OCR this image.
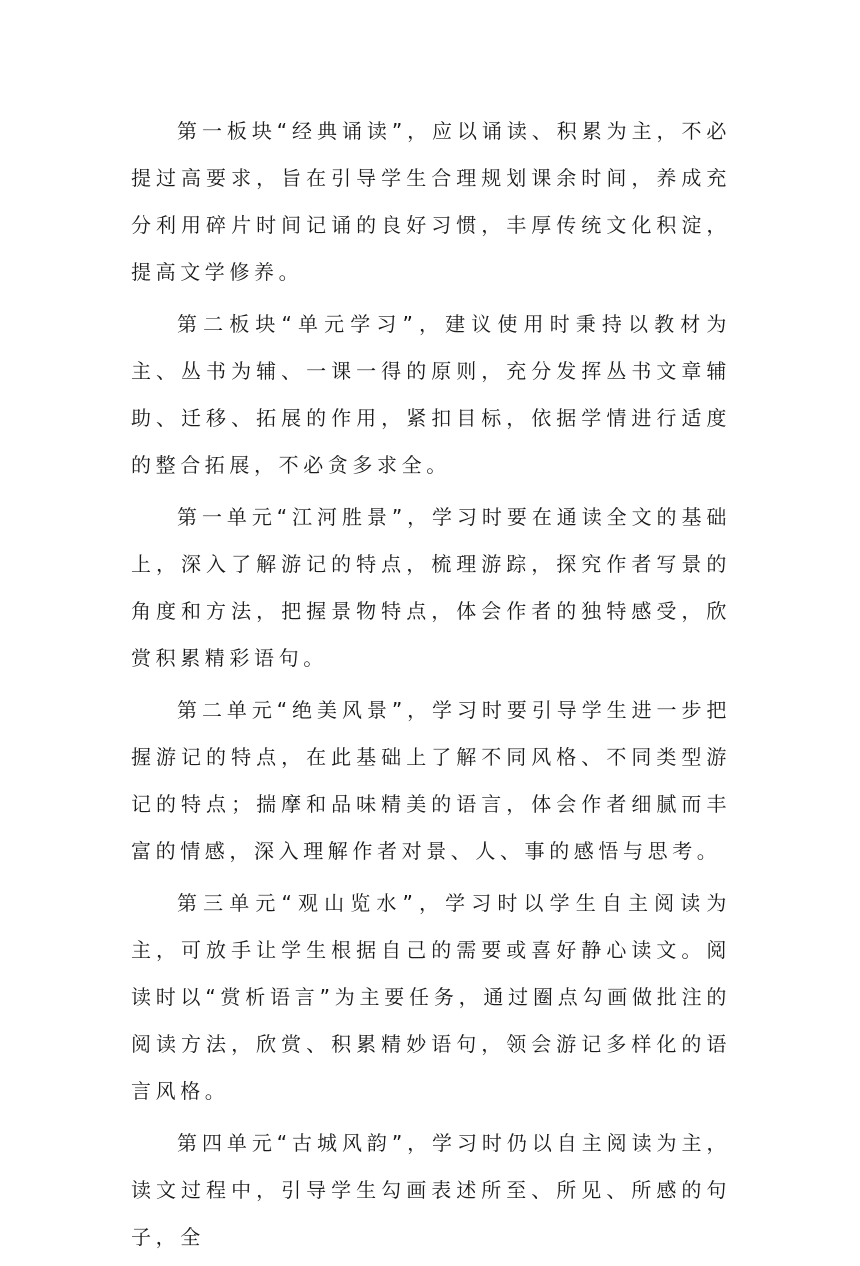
第一板块“经典诵读”，应以诵读、积累为主，不必提过高要求，旨在引导学生合理规划课余时间，养成充分利用碎片时间记诵的良好习惯，丰厚传统文化积淀，提高文学修养。

第二板块“单元学习”，建议使用时秉持以教材为主、丛书为辅、一课一得的原则，充分发挥丛书文章辅助、迁移、拓展的作用，紧扣目标，依据学情进行适度的整合拓展，不必贪多求全。

第一单元“江河胜景”，学习时要在通读全文的基础上，深入了解游记的特点，梳理游踪，探究作者写景的角度和方法，把握景物特点，体会作者的独特感受，欣赏积累精彩语句。

第二单元“绝美风景”，学习时要引导学生进一步把握游记的特点，在此基础上了解不同风格、不同类型游记的特点；揣摩和品味精美的语言，体会作者细腻而丰富的情感，深入理解作者对景、人、事的感悟与思考。

第三单元“观山览水”，学习时以学生自主阅读为主，可放手让学生根据自己的需要或喜好静心读文。阅读时以“赏析语言”为主要任务，通过圈点勾画做批注的阅读方法，欣赏、积累精妙语句，领会游记多样化的语言风格。

第四单元“古城风韵”，学习时仍以自主阅读为主，读文过程中，引导学生勾画表述所至、所见、所感的句子，全
